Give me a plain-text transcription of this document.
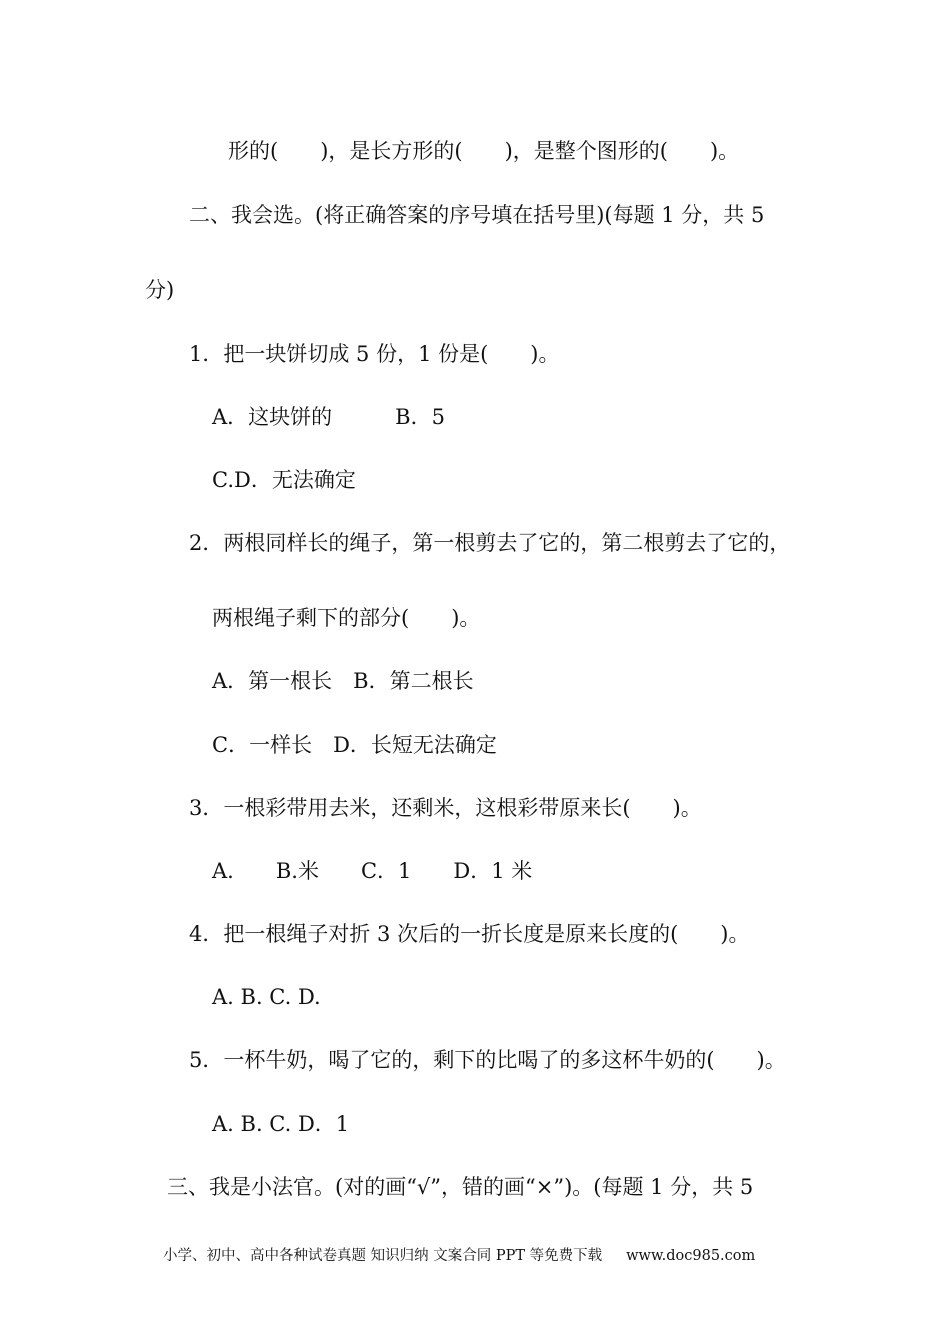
形的(　　)，是长方形的(　　)，是整个图形的(　　)。
二、我会选。(将正确答案的序号填在括号里)(每题 1 分，共 5
分)
1．把一块饼切成 5 份，1 份是(　　)。
A．这块饼的　　　B．5
C.D．无法确定
2．两根同样长的绳子，第一根剪去了它的，第二根剪去了它的，
两根绳子剩下的部分(　　)。
A．第一根长　B．第二根长
C．一样长　D．长短无法确定
3．一根彩带用去米，还剩米，这根彩带原来长(　　)。
A.　　B.米　　C．1　　D．1 米
4．把一根绳子对折 3 次后的一折长度是原来长度的(　　)。
A. B. C. D.
5．一杯牛奶，喝了它的，剩下的比喝了的多这杯牛奶的(　　)。
A. B. C. D．1
三、我是小法官。(对的画“√”，错的画“×”)。(每题 1 分，共 5
小学、初中、高中各种试卷真题 知识归纳 文案合同 PPT 等免费下载 www.doc985.com
